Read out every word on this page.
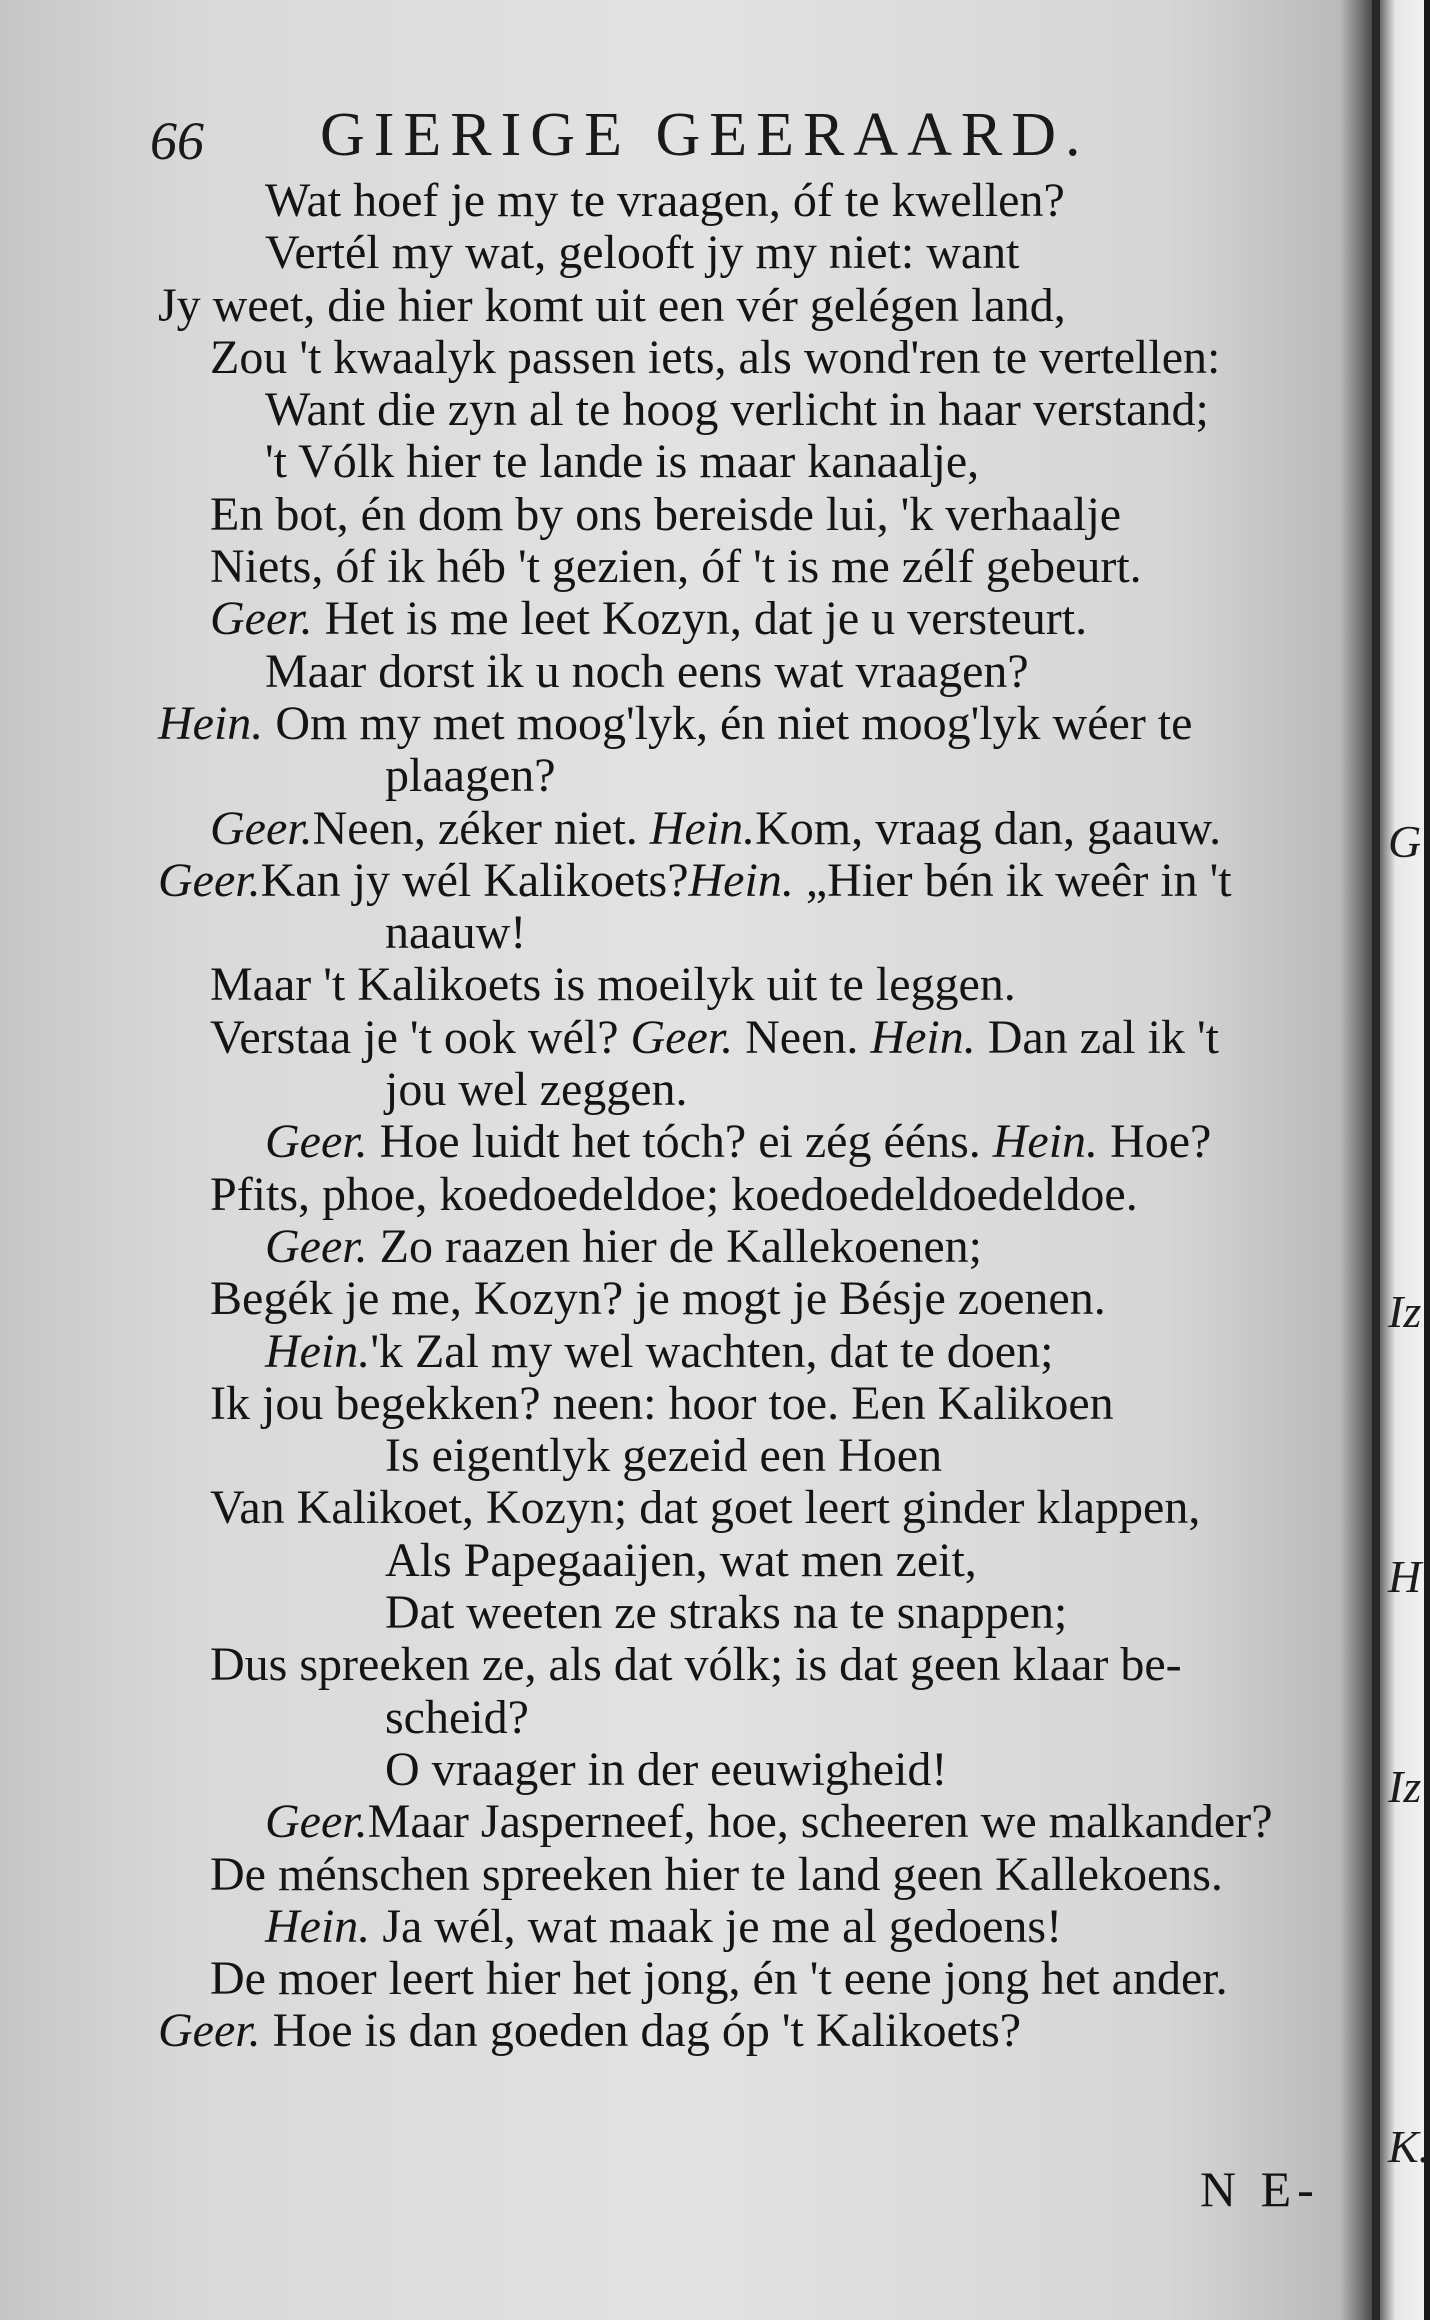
66 GIERIGE GEERAARD.
Wat hoef je my te vraagen, óf te kwellen?
Vertél my wat, gelooft jy my niet: want
Jy weet, die hier komt uit een vér gelégen land,
Zou 't kwaalyk passen iets, als wond'ren te vertellen:
Want die zyn al te hoog verlicht in haar verstand;
't Vólk hier te lande is maar kanaalje,
En bot, én dom by ons bereisde lui, 'k verhaalje
Niets, óf ik héb 't gezien, óf 't is me zélf gebeurt.
Geer. Het is me leet Kozyn, dat je u versteurt.
Maar dorst ik u noch eens wat vraagen?
Hein. Om my met moog'lyk, én niet moog'lyk wéer te
plaagen?
Geer.Neen, zéker niet. Hein.Kom, vraag dan, gaauw.
Geer.Kan jy wél Kalikoets?Hein. „Hier bén ik weêr in 't
naauw!
Maar 't Kalikoets is moeilyk uit te leggen.
Verstaa je 't ook wél? Geer. Neen. Hein. Dan zal ik 't
jou wel zeggen.
Geer. Hoe luidt het tóch? ei zég ééns. Hein. Hoe?
Pfits, phoe, koedoedeldoe; koedoedeldoedeldoe.
Geer. Zo raazen hier de Kallekoenen;
Begék je me, Kozyn? je mogt je Bésje zoenen.
Hein.'k Zal my wel wachten, dat te doen;
Ik jou begekken? neen: hoor toe. Een Kalikoen
Is eigentlyk gezeid een Hoen
Van Kalikoet, Kozyn; dat goet leert ginder klappen,
Als Papegaaijen, wat men zeit,
Dat weeten ze straks na te snappen;
Dus spreeken ze, als dat vólk; is dat geen klaar be-
scheid?
O vraager in der eeuwigheid!
Geer.Maar Jasperneef, hoe, scheeren we malkander?
De ménschen spreeken hier te land geen Kallekoens.
Hein. Ja wél, wat maak je me al gedoens!
De moer leert hier het jong, én 't eene jong het ander.
Geer. Hoe is dan goeden dag óp 't Kalikoets?
N E-
G
Iz
H
Iz
K.
